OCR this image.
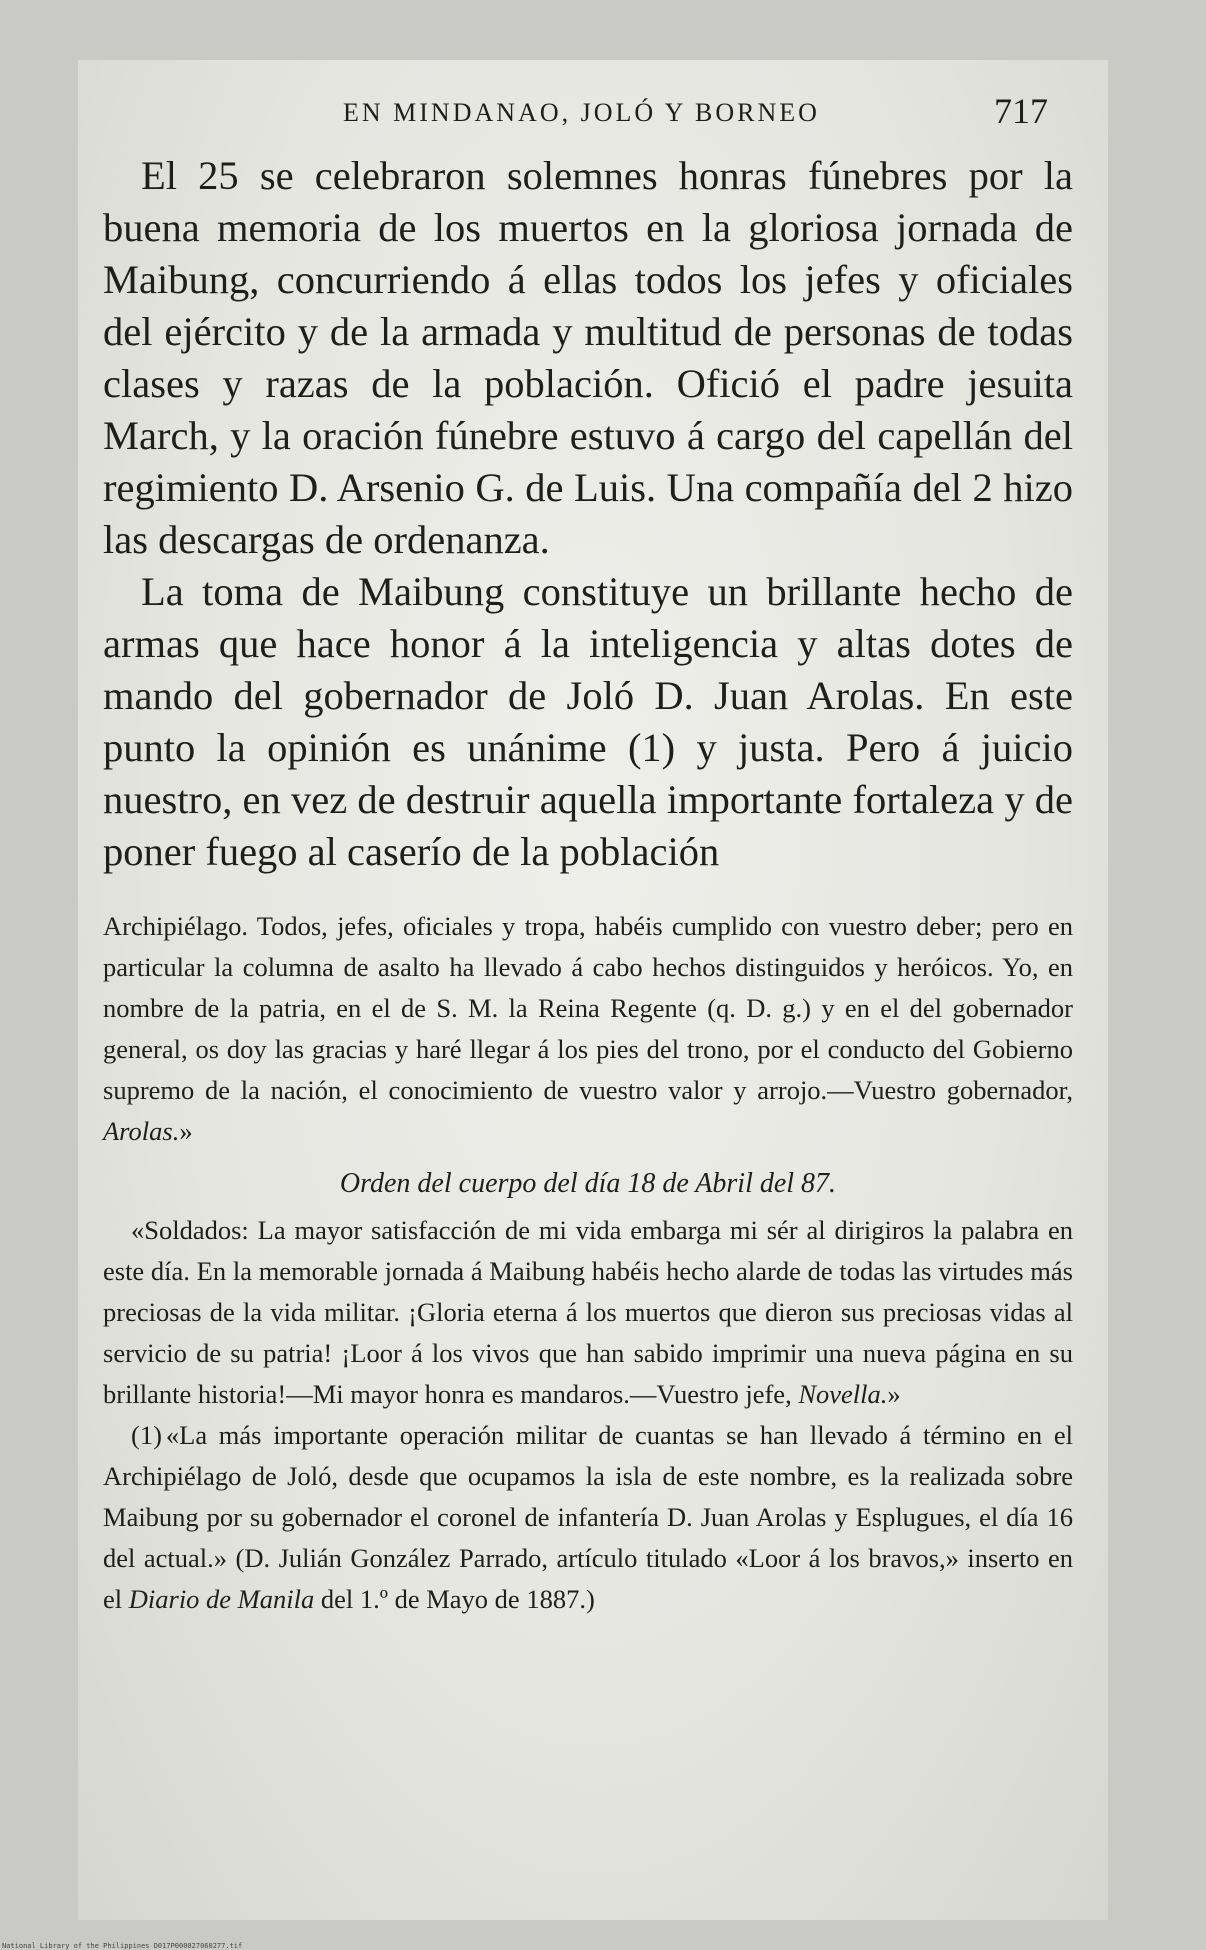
EN MINDANAO, JOLÓ Y BORNEO	717

El 25 se celebraron solemnes honras fúnebres por la buena memoria de los muertos en la gloriosa jornada de Maibung, concurriendo á ellas todos los jefes y oficiales del ejército y de la armada y multitud de personas de todas clases y razas de la población. Ofició el padre jesuita March, y la oración fúnebre estuvo á cargo del capellán del regimiento D. Arsenio G. de Luis. Una compañía del 2 hizo las descargas de ordenanza.

La toma de Maibung constituye un brillante hecho de armas que hace honor á la inteligencia y altas dotes de mando del gobernador de Joló D. Juan Arolas. En este punto la opinión es unánime (1) y justa. Pero á juicio nuestro, en vez de destruir aquella importante fortaleza y de poner fuego al caserío de la población

Archipiélago. Todos, jefes, oficiales y tropa, habéis cumplido con vuestro deber; pero en particular la columna de asalto ha llevado á cabo hechos distinguidos y heróicos. Yo, en nombre de la patria, en el de S. M. la Reina Regente (q. D. g.) y en el del gobernador general, os doy las gracias y haré llegar á los pies del trono, por el conducto del Gobierno supremo de la nación, el conocimiento de vuestro valor y arrojo.—Vuestro gobernador, Arolas.»

Orden del cuerpo del día 18 de Abril del 87.

«Soldados: La mayor satisfacción de mi vida embarga mi sér al dirigiros la palabra en este día. En la memorable jornada á Maibung habéis hecho alarde de todas las virtudes más preciosas de la vida militar. ¡Gloria eterna á los muertos que dieron sus preciosas vidas al servicio de su patria! ¡Loor á los vivos que han sabido imprimir una nueva página en su brillante historia!—Mi mayor honra es mandaros.—Vuestro jefe, Novella.»

(1) «La más importante operación militar de cuantas se han llevado á término en el Archipiélago de Joló, desde que ocupamos la isla de este nombre, es la realizada sobre Maibung por su gobernador el coronel de infantería D. Juan Arolas y Esplugues, el día 16 del actual.» (D. Julián González Parrado, artículo titulado «Loor á los bravos,» inserto en el Diario de Manila del 1.º de Mayo de 1887.)

National Library of the Philippines D017P000027060277.tif
